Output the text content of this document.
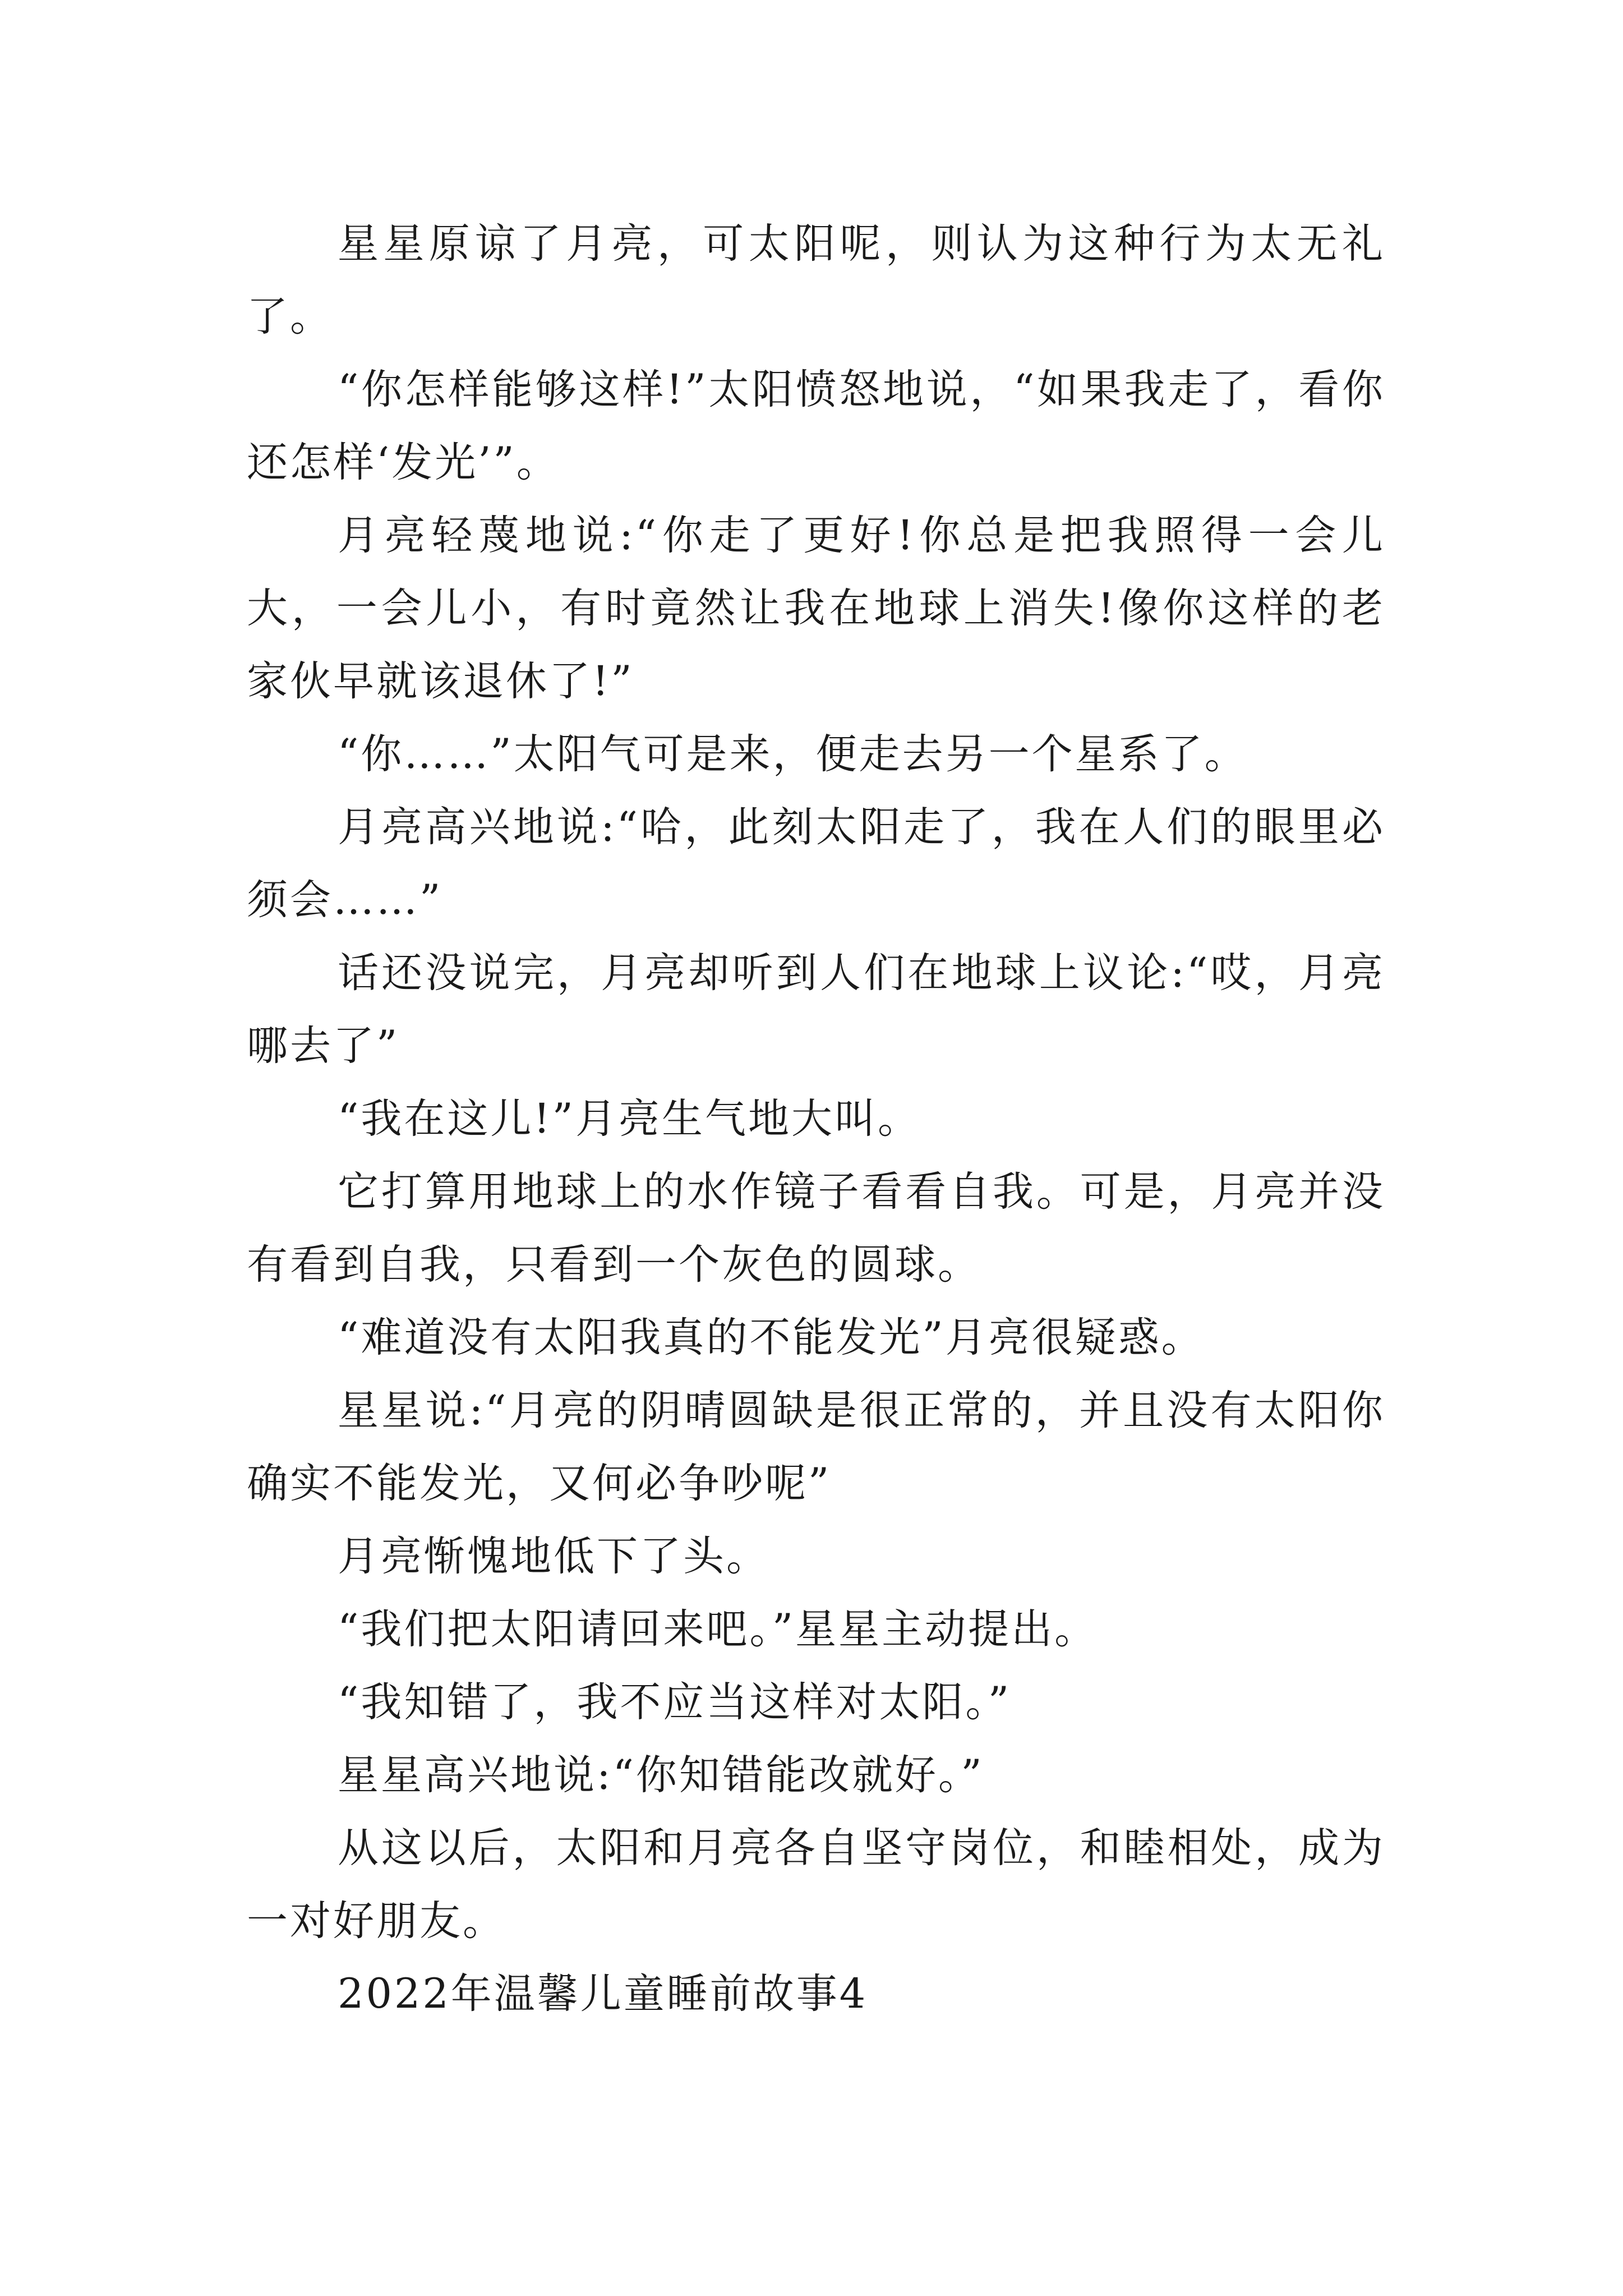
星星原谅了月亮，可太阳呢，则认为这种行为太无礼了。

“你怎样能够这样!”太阳愤怒地说，“如果我走了，看你还怎样‘发光’”。

月亮轻蔑地说:“你走了更好!你总是把我照得一会儿大，一会儿小，有时竟然让我在地球上消失!像你这样的老家伙早就该退休了!”

“你……”太阳气可是来，便走去另一个星系了。

月亮高兴地说:“哈，此刻太阳走了，我在人们的眼里必须会……”

话还没说完，月亮却听到人们在地球上议论:“哎，月亮哪去了”

“我在这儿!”月亮生气地大叫。

它打算用地球上的水作镜子看看自我。可是，月亮并没有看到自我，只看到一个灰色的圆球。

“难道没有太阳我真的不能发光”月亮很疑惑。

星星说:“月亮的阴晴圆缺是很正常的，并且没有太阳你确实不能发光，又何必争吵呢”

月亮惭愧地低下了头。

“我们把太阳请回来吧。”星星主动提出。

“我知错了，我不应当这样对太阳。”

星星高兴地说:“你知错能改就好。”

从这以后，太阳和月亮各自坚守岗位，和睦相处，成为一对好朋友。

2022年温馨儿童睡前故事4
